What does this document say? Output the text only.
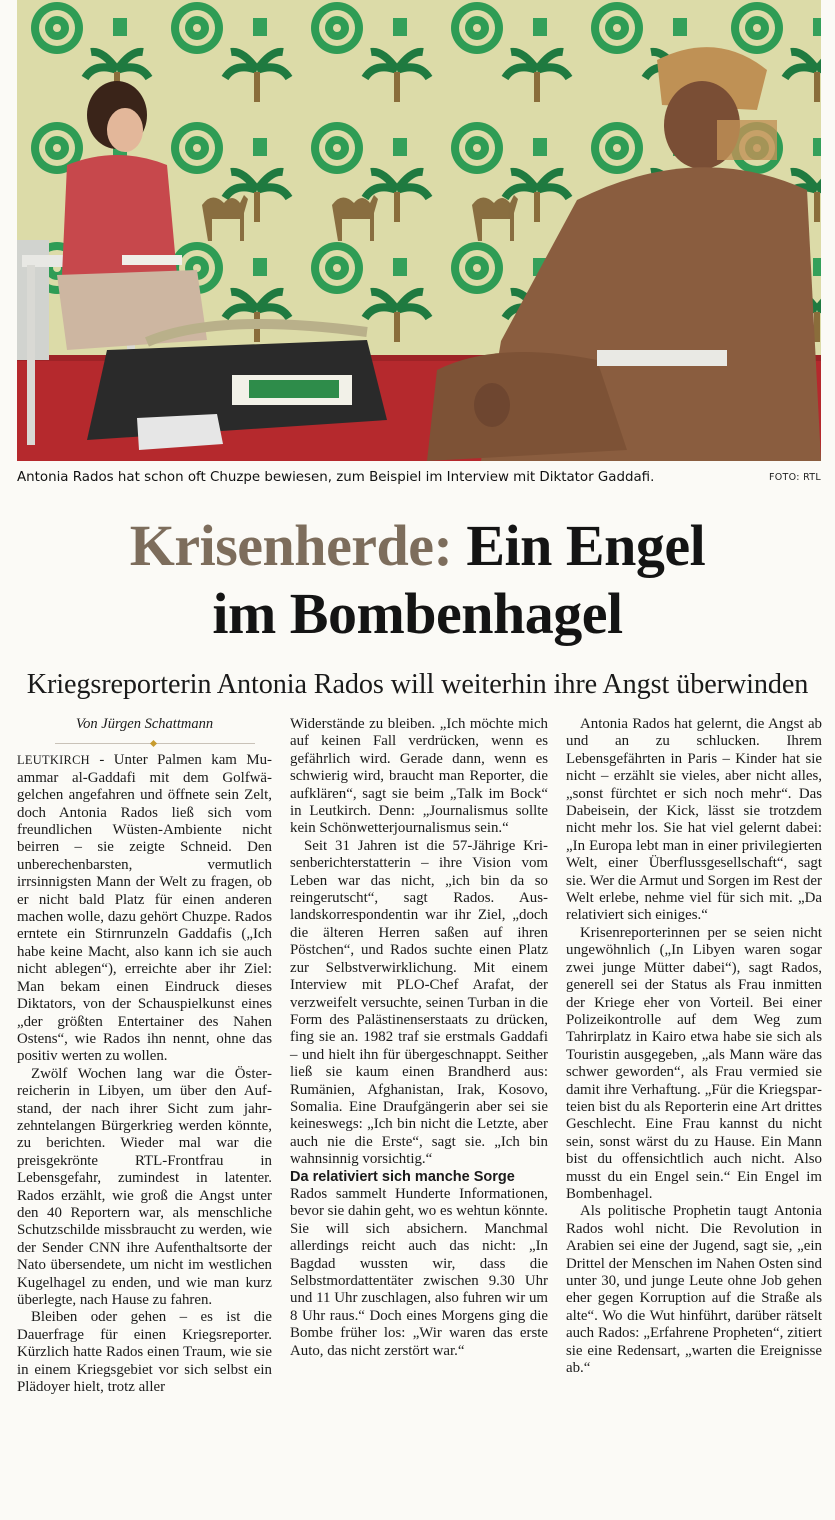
Antonia Rados hat schon oft Chuzpe bewiesen, zum Beispiel im Interview mit Diktator Gaddafi.	FOTO: RTL
Krisenherde: Ein Engel
im Bombenhagel
Kriegsreporterin Antonia Rados will weiterhin ihre Angst überwinden
Von Jürgen Schattmann

LEUTKIRCH - Unter Palmen kam Muammar al-Gaddafi mit dem Golfwägelchen angefahren und öffnete sein Zelt, doch Antonia Rados ließ sich vom freundlichen Wüsten-Ambiente nicht beirren – sie zeigte Schneid. Den unberechenbarsten, vermutlich irrsinnigsten Mann der Welt zu fragen, ob er nicht bald Platz für einen anderen machen wolle, dazu gehört Chuzpe. Rados erntete ein Stirnrunzeln Gaddafis („Ich habe keine Macht, also kann ich sie auch nicht ablegen“), erreichte aber ihr Ziel: Man bekam einen Eindruck dieses Diktators, von der Schauspielkunst eines „der größten Entertainer des Nahen Ostens“, wie Rados ihn nennt, ohne das positiv werten zu wollen.

Zwölf Wochen lang war die Österreicherin in Libyen, um über den Aufstand, der nach ihrer Sicht zum jahrzehntelangen Bürgerkrieg werden könnte, zu berichten. Wieder mal war die preisgekrönte RTL-Frontfrau in Lebensgefahr, zumindest in latenter. Rados erzählt, wie groß die Angst unter den 40 Reportern war, als menschliche Schutzschilde missbraucht zu werden, wie der Sender CNN ihre Aufenthaltsorte der Nato übersendete, um nicht im westlichen Kugelhagel zu enden, und wie man kurz überlegte, nach Hause zu fahren.

Bleiben oder gehen – es ist die Dauerfrage für einen Kriegsreporter. Kürzlich hatte Rados einen Traum, wie sie in einem Kriegsgebiet vor sich selbst ein Plädoyer hielt, trotz aller

Widerstände zu bleiben. „Ich möchte mich auf keinen Fall verdrücken, wenn es gefährlich wird. Gerade dann, wenn es schwierig wird, braucht man Reporter, die aufklären“, sagt sie beim „Talk im Bock“ in Leutkirch. Denn: „Journalismus sollte kein Schönwetterjournalismus sein.“

Seit 31 Jahren ist die 57-Jährige Krisenberichterstatterin – ihre Vision vom Leben war das nicht, „ich bin da so reingerutscht“, sagt Rados. Auslandskorrespondentin war ihr Ziel, „doch die älteren Herren saßen auf ihren Pöstchen“, und Rados suchte einen Platz zur Selbstverwirklichung. Mit einem Interview mit PLO-Chef Arafat, der verzweifelt versuchte, seinen Turban in die Form des Palästinenserstaats zu drücken, fing sie an. 1982 traf sie erstmals Gaddafi – und hielt ihn für übergeschnappt. Seither ließ sie kaum einen Brandherd aus: Rumänien, Afghanistan, Irak, Kosovo, Somalia. Eine Draufgängerin aber sei sie keineswegs: „Ich bin nicht die Letzte, aber auch nie die Erste“, sagt sie. „Ich bin wahnsinnig vorsichtig.“

Da relativiert sich manche Sorge

Rados sammelt Hunderte Informationen, bevor sie dahin geht, wo es wehtun könnte. Sie will sich absichern. Manchmal allerdings reicht auch das nicht: „In Bagdad wussten wir, dass die Selbstmordattentäter zwischen 9.30 Uhr und 11 Uhr zuschlagen, also fuhren wir um 8 Uhr raus.“ Doch eines Morgens ging die Bombe früher los: „Wir waren das erste Auto, das nicht zerstört war.“

Antonia Rados hat gelernt, die Angst ab und an zu schlucken. Ihrem Lebensgefährten in Paris – Kinder hat sie nicht – erzählt sie vieles, aber nicht alles, „sonst fürchtet er sich noch mehr“. Das Dabeisein, der Kick, lässt sie trotzdem nicht mehr los. Sie hat viel gelernt dabei: „In Europa lebt man in einer privilegierten Welt, einer Überflussgesellschaft“, sagt sie. Wer die Armut und Sorgen im Rest der Welt erlebe, nehme viel für sich mit. „Da relativiert sich einiges.“

Krisenreporterinnen per se seien nicht ungewöhnlich („In Libyen waren sogar zwei junge Mütter dabei“), sagt Rados, generell sei der Status als Frau inmitten der Kriege eher von Vorteil. Bei einer Polizeikontrolle auf dem Weg zum Tahrirplatz in Kairo etwa habe sie sich als Touristin ausgegeben, „als Mann wäre das schwer geworden“, als Frau vermied sie damit ihre Verhaftung. „Für die Kriegsparteien bist du als Reporterin eine Art drittes Geschlecht. Eine Frau kannst du nicht sein, sonst wärst du zu Hause. Ein Mann bist du offensichtlich auch nicht. Also musst du ein Engel sein.“ Ein Engel im Bombenhagel.

Als politische Prophetin taugt Antonia Rados wohl nicht. Die Revolution in Arabien sei eine der Jugend, sagt sie, „ein Drittel der Menschen im Nahen Osten sind unter 30, und junge Leute ohne Job gehen eher gegen Korruption auf die Straße als alte“. Wo die Wut hinführt, darüber rätselt auch Rados: „Erfahrene Propheten“, zitiert sie eine Redensart, „warten die Ereignisse ab.“
